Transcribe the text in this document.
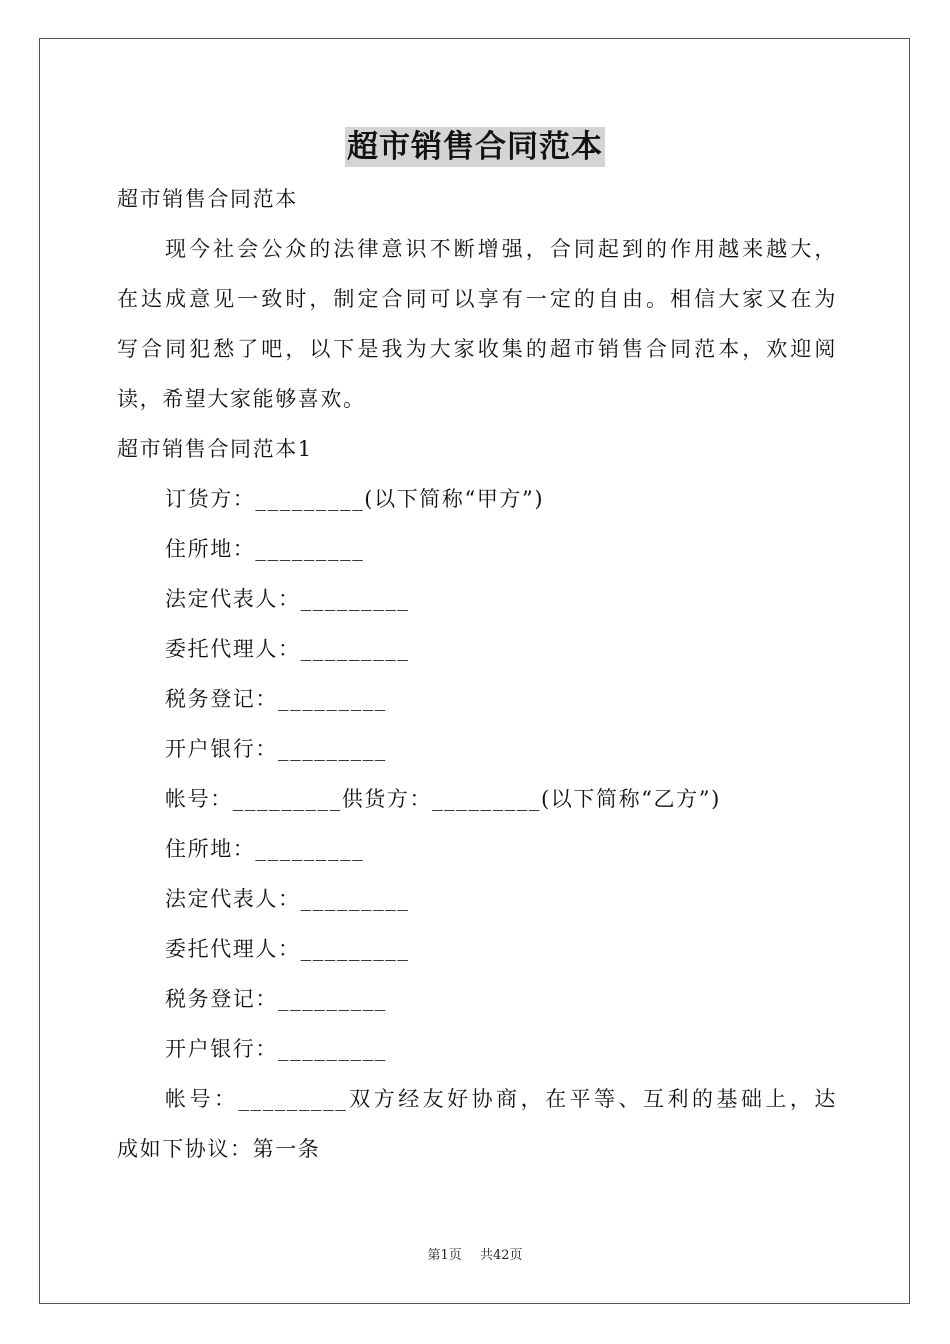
超市销售合同范本

超市销售合同范本

现今社会公众的法律意识不断增强，合同起到的作用越来越大，

在达成意见一致时，制定合同可以享有一定的自由。相信大家又在为

写合同犯愁了吧，以下是我为大家收集的超市销售合同范本，欢迎阅

读，希望大家能够喜欢。

超市销售合同范本1

订货方：_________(以下简称“甲方”)

住所地：_________

法定代表人：_________

委托代理人：_________

税务登记：_________

开户银行：_________

帐号：_________供货方：_________(以下简称“乙方”)

住所地：_________

法定代表人：_________

委托代理人：_________

税务登记：_________

开户银行：_________

帐号：_________双方经友好协商，在平等、互利的基础上，达

成如下协议：第一条

第1页 共42页
